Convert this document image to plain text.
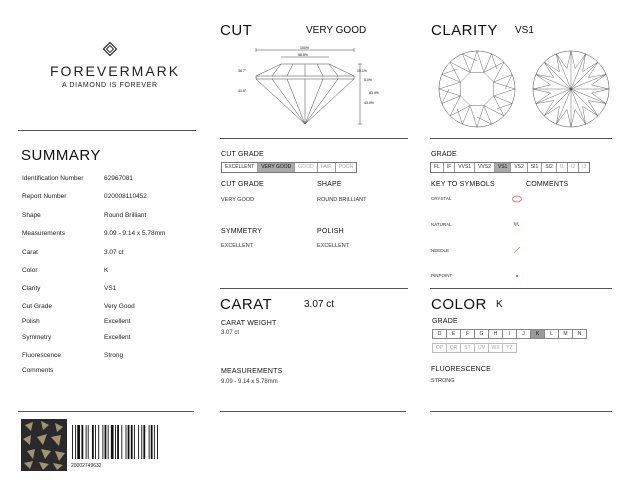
FOREVERMARK
A DIAMOND IS FOREVER
SUMMARY
Identification Number	62967081
Report Number	020008110452
Shape	Round Brilliant
Measurements	9.09 - 9.14 x 5.78mm
Carat	3.07 ct
Color	K
Clarity	VS1
Cut Grade	Very Good
Polish	Excellent
Symmetry	Excellent
Fluorescence	Strong
Comments
20002749632
CUT	VERY GOOD
100%
58.5%
36.7°
41.0°
15.1%
5.0%
63.4%
43.0%
CUT GRADE
EXCELLENT	VERY GOOD	GOOD	FAIR	POOR
CUT GRADE
VERY GOOD
SHAPE
ROUND BRILLIANT
SYMMETRY
EXCELLENT
POLISH
EXCELLENT
CARAT	3.07 ct
CARAT WEIGHT
3.07 ct
MEASUREMENTS
9.09 - 9.14 x 5.78mm
CLARITY VS1
GRADE
FL	IF	VVS1	VVS2	VS1	VS2	SI1	SI2	I1	I2	I3
KEY TO SYMBOLS	COMMENTS
CRYSTAL
NATURAL
NEEDLE
PINPOINT
COLOR K
GRADE
D	E	F	G	H	I	J	K	L	M	N
OP	QR	ST	UV	WX	YZ
FLUORESCENCE
STRONG
